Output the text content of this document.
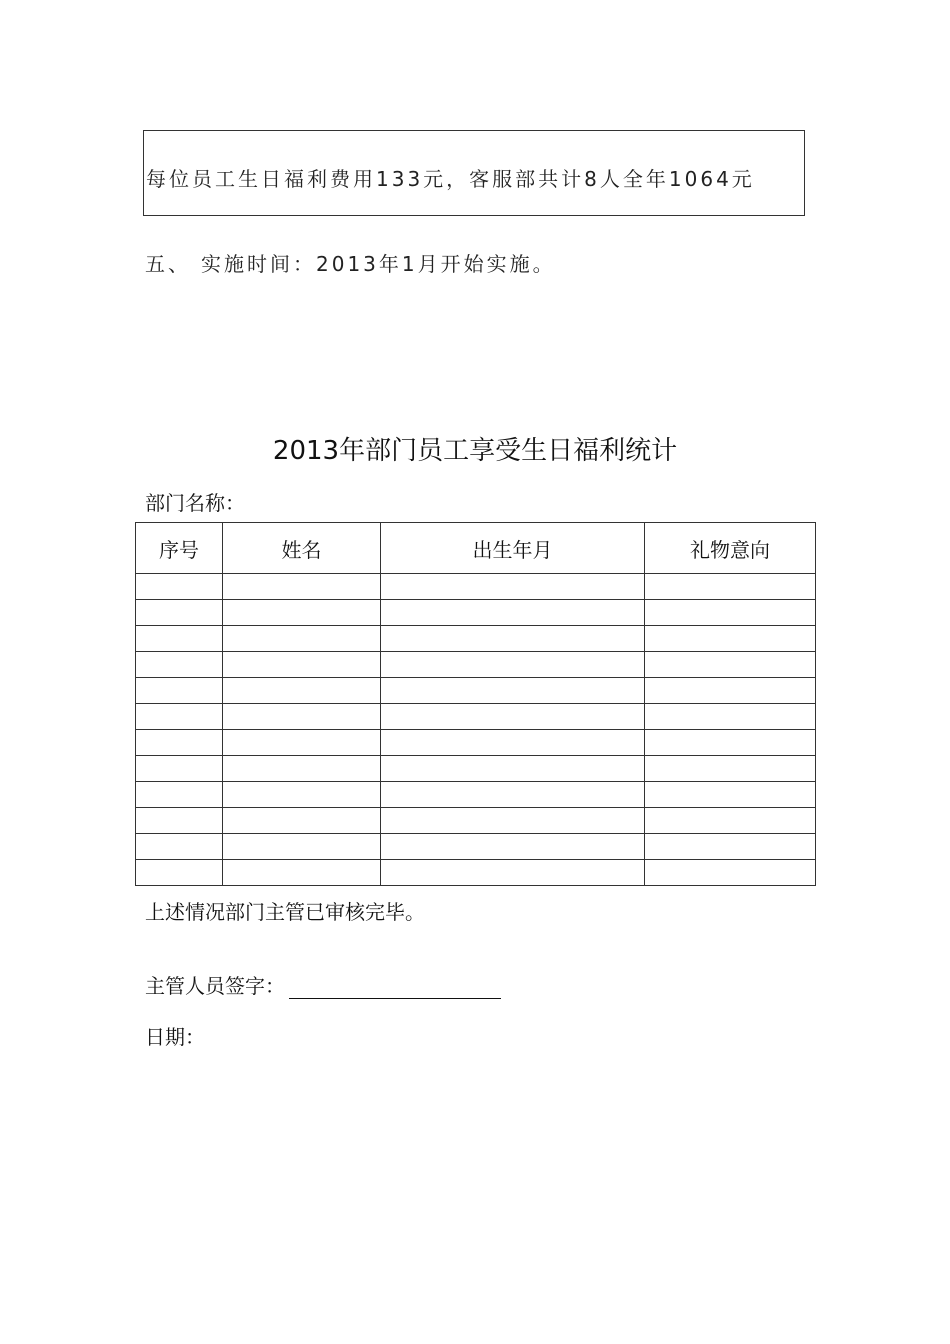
每位员工生日福利费用133元，客服部共计8人全年1064元
五、 实施时间：2013年1月开始实施。
2013年部门员工享受生日福利统计
部门名称：
序号	姓名	出生年月	礼物意向

上述情况部门主管已审核完毕。
主管人员签字：
日期：
